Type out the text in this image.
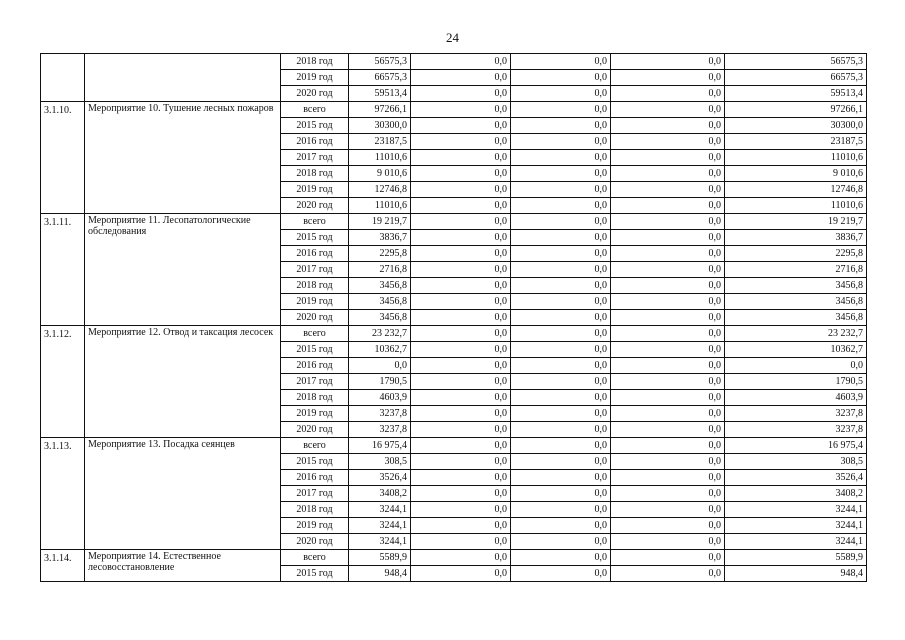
24
		2018 год	56575,3	0,0	0,0	0,0	56575,3
		2019 год	66575,3	0,0	0,0	0,0	66575,3
		2020 год	59513,4	0,0	0,0	0,0	59513,4
3.1.10.	Мероприятие 10. Тушение лесных пожаров	всего	97266,1	0,0	0,0	0,0	97266,1
		2015 год	30300,0	0,0	0,0	0,0	30300,0
		2016 год	23187,5	0,0	0,0	0,0	23187,5
		2017 год	11010,6	0,0	0,0	0,0	11010,6
		2018 год	9 010,6	0,0	0,0	0,0	9 010,6
		2019 год	12746,8	0,0	0,0	0,0	12746,8
		2020 год	11010,6	0,0	0,0	0,0	11010,6
3.1.11.	Мероприятие 11. Лесопатологические обследования	всего	19 219,7	0,0	0,0	0,0	19 219,7
		2015 год	3836,7	0,0	0,0	0,0	3836,7
		2016 год	2295,8	0,0	0,0	0,0	2295,8
		2017 год	2716,8	0,0	0,0	0,0	2716,8
		2018 год	3456,8	0,0	0,0	0,0	3456,8
		2019 год	3456,8	0,0	0,0	0,0	3456,8
		2020 год	3456,8	0,0	0,0	0,0	3456,8
3.1.12.	Мероприятие 12. Отвод и таксация лесосек	всего	23 232,7	0,0	0,0	0,0	23 232,7
		2015 год	10362,7	0,0	0,0	0,0	10362,7
		2016 год	0,0	0,0	0,0	0,0	0,0
		2017 год	1790,5	0,0	0,0	0,0	1790,5
		2018 год	4603,9	0,0	0,0	0,0	4603,9
		2019 год	3237,8	0,0	0,0	0,0	3237,8
		2020 год	3237,8	0,0	0,0	0,0	3237,8
3.1.13.	Мероприятие 13. Посадка сеянцев	всего	16 975,4	0,0	0,0	0,0	16 975,4
		2015 год	308,5	0,0	0,0	0,0	308,5
		2016 год	3526,4	0,0	0,0	0,0	3526,4
		2017 год	3408,2	0,0	0,0	0,0	3408,2
		2018 год	3244,1	0,0	0,0	0,0	3244,1
		2019 год	3244,1	0,0	0,0	0,0	3244,1
		2020 год	3244,1	0,0	0,0	0,0	3244,1
3.1.14.	Мероприятие 14. Естественное лесовосстановление	всего	5589,9	0,0	0,0	0,0	5589,9
		2015 год	948,4	0,0	0,0	0,0	948,4
